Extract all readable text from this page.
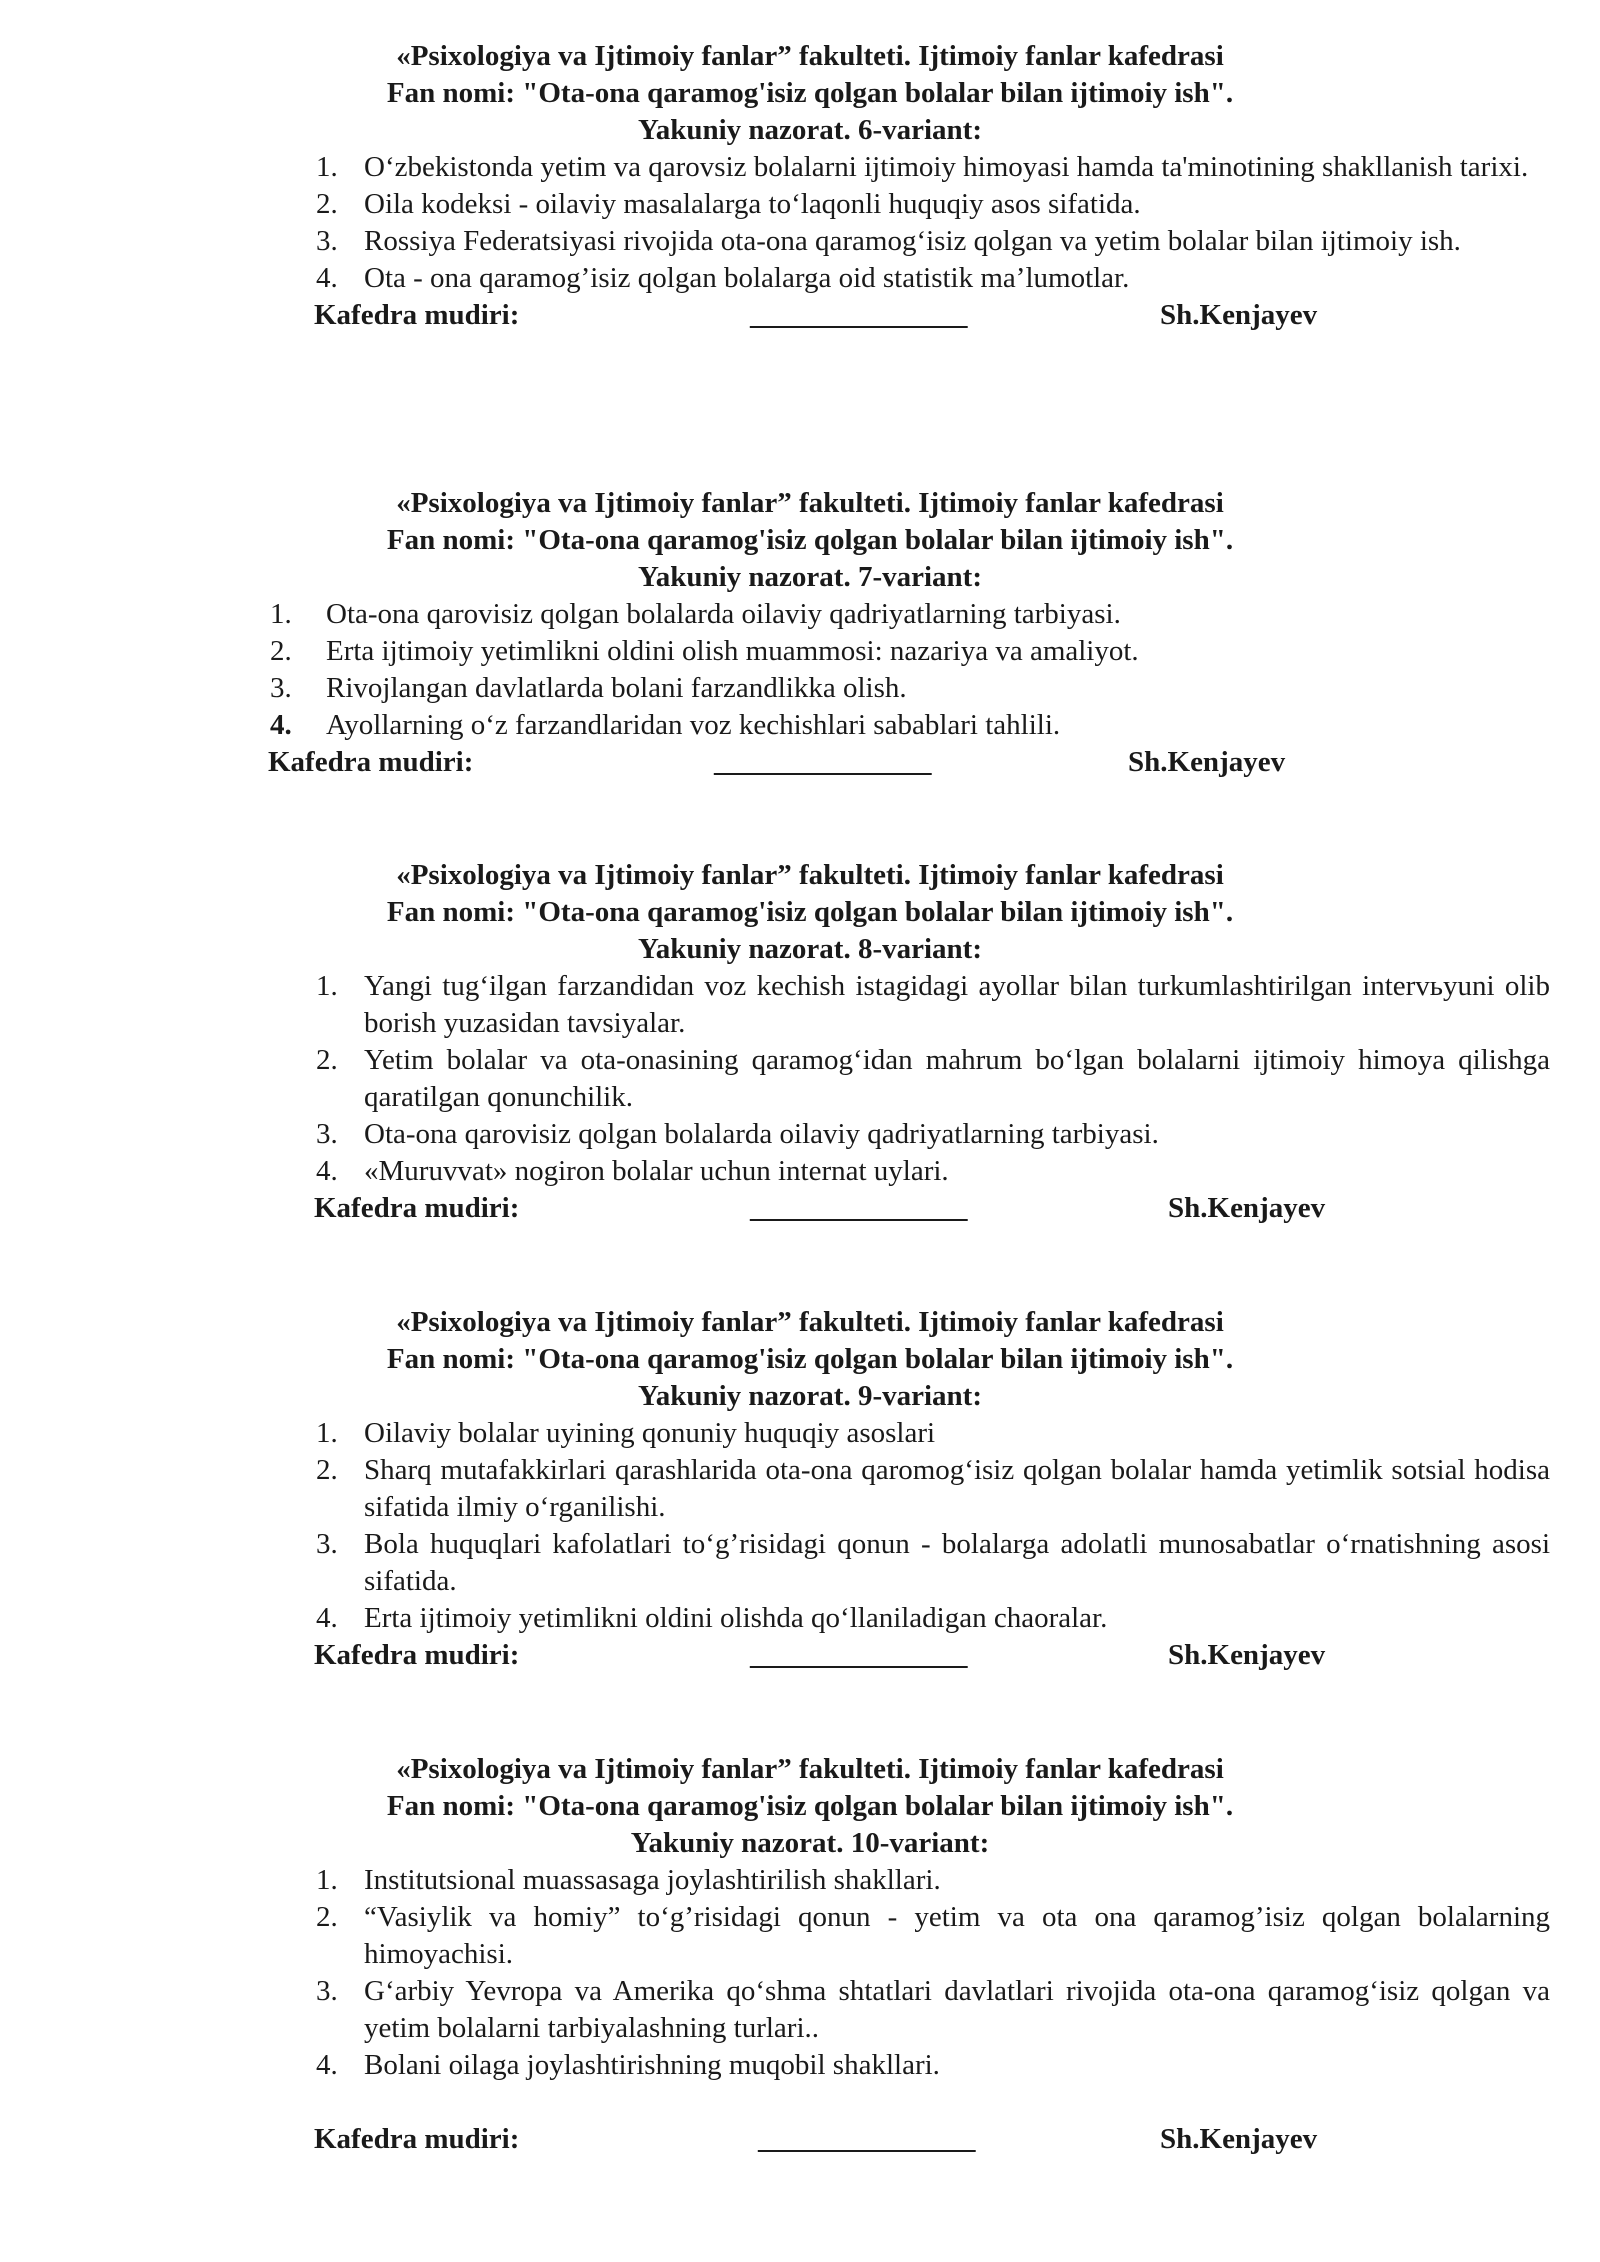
«Psixologiya va Ijtimoiy fanlar” fakulteti. Ijtimoiy fanlar kafedrasi
Fan nomi: "Ota-ona qaramog'isiz qolgan bolalar bilan ijtimoiy ish".
Yakuniy nazorat. 6-variant:
1. O‘zbekistonda yetim va qarovsiz bolalarni ijtimoiy himoyasi hamda ta'minotining shakllanish tarixi.
2. Oila kodeksi - oilaviy masalalarga to‘laqonli huquqiy asos sifatida.
3. Rossiya Federatsiyasi rivojida ota-ona qaramog‘isiz qolgan va yetim bolalar bilan ijtimoiy ish.
4. Ota - ona qaramog’isiz qolgan bolalarga oid statistik ma’lumotlar.
Kafedra mudiri:	_______________	Sh.Kenjayev
«Psixologiya va Ijtimoiy fanlar” fakulteti. Ijtimoiy fanlar kafedrasi
Fan nomi: "Ota-ona qaramog'isiz qolgan bolalar bilan ijtimoiy ish".
Yakuniy nazorat. 7-variant:
1. Ota-ona qarovisiz qolgan bolalarda oilaviy qadriyatlarning tarbiyasi.
2. Erta ijtimoiy yetimlikni oldini olish muammosi: nazariya va amaliyot.
3. Rivojlangan davlatlarda bolani farzandlikka olish.
4. Ayollarning o‘z farzandlaridan voz kechishlari sabablari tahlili.
Kafedra mudiri:	_______________	Sh.Kenjayev
«Psixologiya va Ijtimoiy fanlar” fakulteti. Ijtimoiy fanlar kafedrasi
Fan nomi: "Ota-ona qaramog'isiz qolgan bolalar bilan ijtimoiy ish".
Yakuniy nazorat. 8-variant:
1. Yangi tug‘ilgan farzandidan voz kechish istagidagi ayollar bilan turkumlashtirilgan intervьyuni olib borish yuzasidan tavsiyalar.
2. Yetim bolalar va ota-onasining qaramog‘idan mahrum bo‘lgan bolalarni ijtimoiy himoya qilishga qaratilgan qonunchilik.
3. Ota-ona qarovisiz qolgan bolalarda oilaviy qadriyatlarning tarbiyasi.
4. «Muruvvat» nogiron bolalar uchun internat uylari.
Kafedra mudiri:	_______________	Sh.Kenjayev
«Psixologiya va Ijtimoiy fanlar” fakulteti. Ijtimoiy fanlar kafedrasi
Fan nomi: "Ota-ona qaramog'isiz qolgan bolalar bilan ijtimoiy ish".
Yakuniy nazorat. 9-variant:
1. Oilaviy bolalar uyining qonuniy huquqiy asoslari
2. Sharq mutafakkirlari qarashlarida ota-ona qaromog‘isiz qolgan bolalar hamda yetimlik sotsial hodisa sifatida ilmiy o‘rganilishi.
3. Bola huquqlari kafolatlari to‘g’risidagi qonun - bolalarga adolatli munosabatlar o‘rnatishning asosi sifatida.
4. Erta ijtimoiy yetimlikni oldini olishda qo‘llaniladigan chaoralar.
Kafedra mudiri:	_______________	Sh.Kenjayev
«Psixologiya va Ijtimoiy fanlar” fakulteti. Ijtimoiy fanlar kafedrasi
Fan nomi: "Ota-ona qaramog'isiz qolgan bolalar bilan ijtimoiy ish".
Yakuniy nazorat. 10-variant:
1. Institutsional muassasaga joylashtirilish shakllari.
2. “Vasiylik va homiy” to‘g’risidagi qonun - yetim va ota ona qaramog’isiz qolgan bolalarning himoyachisi.
3. G‘arbiy Yevropa va Amerika qo‘shma shtatlari davlatlari rivojida ota-ona qaramog‘isiz qolgan va yetim bolalarni tarbiyalashning turlari..
4. Bolani oilaga joylashtirishning muqobil shakllari.
Kafedra mudiri:	_______________	Sh.Kenjayev
